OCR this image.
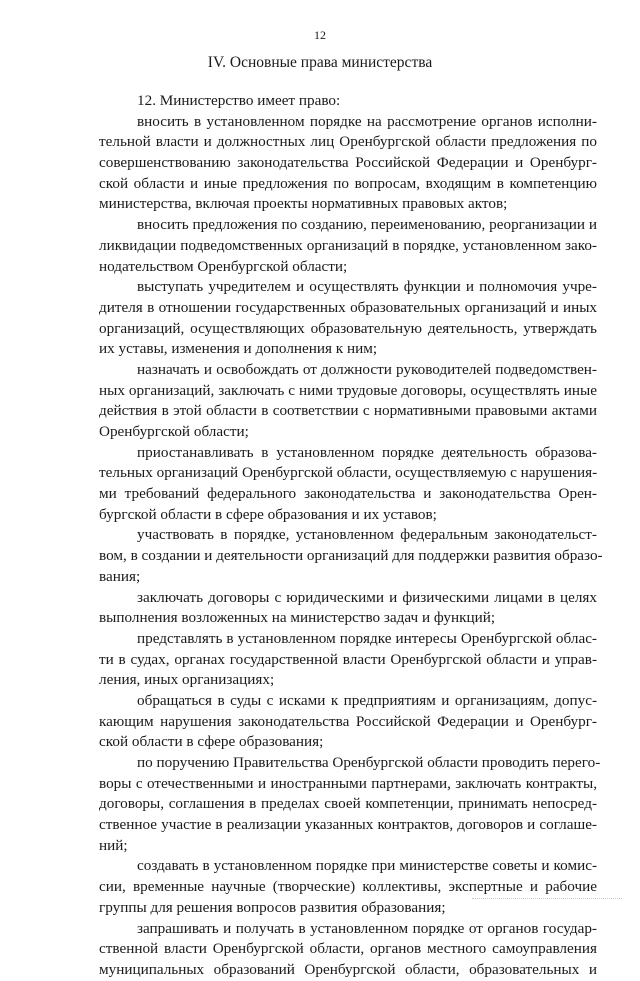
12
IV. Основные права министерства
12. Министерство имеет право:
вносить в установленном порядке на рассмотрение органов исполни-
тельной власти и должностных лиц Оренбургской области предложения по
совершенствованию законодательства Российской Федерации и Оренбург-
ской области и иные предложения по вопросам, входящим в компетенцию
министерства, включая проекты нормативных правовых актов;
вносить предложения по созданию, переименованию, реорганизации и
ликвидации подведомственных организаций в порядке, установленном зако-
нодательством Оренбургской области;
выступать учредителем и осуществлять функции и полномочия учре-
дителя в отношении государственных образовательных организаций и иных
организаций, осуществляющих образовательную деятельность, утверждать
их уставы, изменения и дополнения к ним;
назначать и освобождать от должности руководителей подведомствен-
ных организаций, заключать с ними трудовые договоры, осуществлять иные
действия в этой области в соответствии с нормативными правовыми актами
Оренбургской области;
приостанавливать в установленном порядке деятельность образова-
тельных организаций Оренбургской области, осуществляемую с нарушения-
ми требований федерального законодательства и законодательства Орен-
бургской области в сфере образования и их уставов;
участвовать в порядке, установленном федеральным законодательст-
вом, в создании и деятельности организаций для поддержки развития образо-
вания;
заключать договоры с юридическими и физическими лицами в целях
выполнения возложенных на министерство задач и функций;
представлять в установленном порядке интересы Оренбургской облас-
ти в судах, органах государственной власти Оренбургской области и управ-
ления, иных организациях;
обращаться в суды с исками к предприятиям и организациям, допус-
кающим нарушения законодательства Российской Федерации и Оренбург-
ской области в сфере образования;
по поручению Правительства Оренбургской области проводить перего-
воры с отечественными и иностранными партнерами, заключать контракты,
договоры, соглашения в пределах своей компетенции, принимать непосред-
ственное участие в реализации указанных контрактов, договоров и соглаше-
ний;
создавать в установленном порядке при министерстве советы и комис-
сии, временные научные (творческие) коллективы, экспертные и рабочие
группы для решения вопросов развития образования;
запрашивать и получать в установленном порядке от органов государ-
ственной власти Оренбургской области, органов местного самоуправления
муниципальных образований Оренбургской области, образовательных и
